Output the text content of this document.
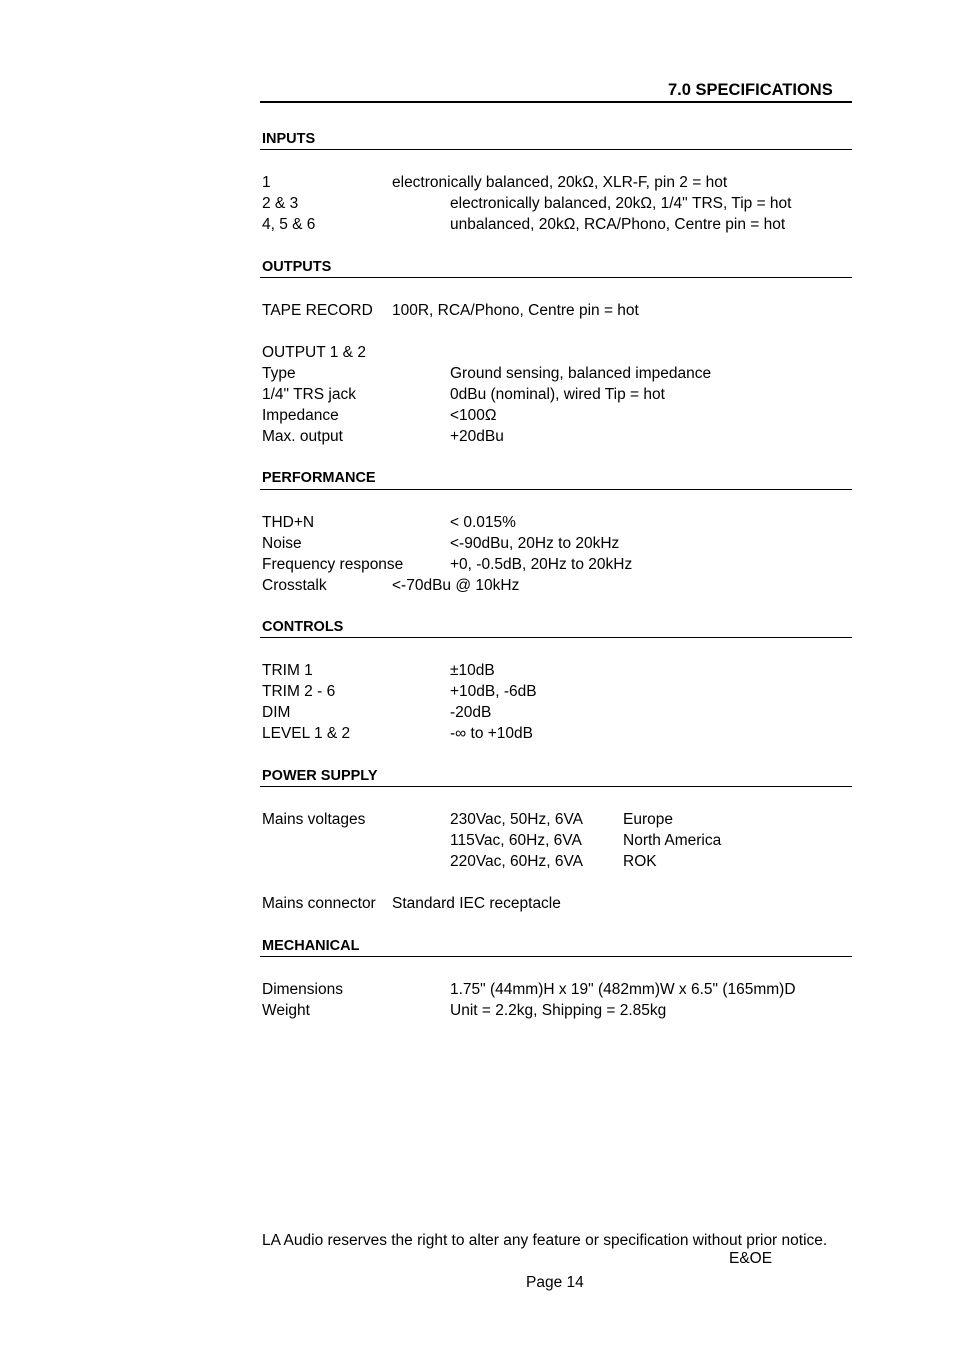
7.0 SPECIFICATIONS
INPUTS
1	electronically balanced, 20kΩ, XLR-F, pin 2 = hot
2 & 3	electronically balanced, 20kΩ, 1/4" TRS, Tip = hot
4, 5 & 6	unbalanced, 20kΩ, RCA/Phono, Centre pin = hot
OUTPUTS
TAPE RECORD 100R, RCA/Phono, Centre pin = hot
OUTPUT 1 & 2
Type	Ground sensing, balanced impedance
1/4" TRS jack	0dBu (nominal), wired Tip = hot
Impedance	<100Ω
Max. output	+20dBu
PERFORMANCE
THD+N	< 0.015%
Noise	<-90dBu, 20Hz to 20kHz
Frequency response	+0, -0.5dB, 20Hz to 20kHz
Crosstalk	<-70dBu @ 10kHz
CONTROLS
TRIM 1	±10dB
TRIM 2 - 6	+10dB, -6dB
DIM	-20dB
LEVEL 1 & 2	-∞ to +10dB
POWER SUPPLY
Mains voltages	230Vac, 50Hz, 6VA	Europe
115Vac, 60Hz, 6VA	North America
220Vac, 60Hz, 6VA	ROK
Mains connector Standard IEC receptacle
MECHANICAL
Dimensions	1.75" (44mm)H x 19" (482mm)W x 6.5" (165mm)D
Weight	Unit = 2.2kg, Shipping = 2.85kg
LA Audio reserves the right to alter any feature or specification without prior notice.
E&OE
Page 14
